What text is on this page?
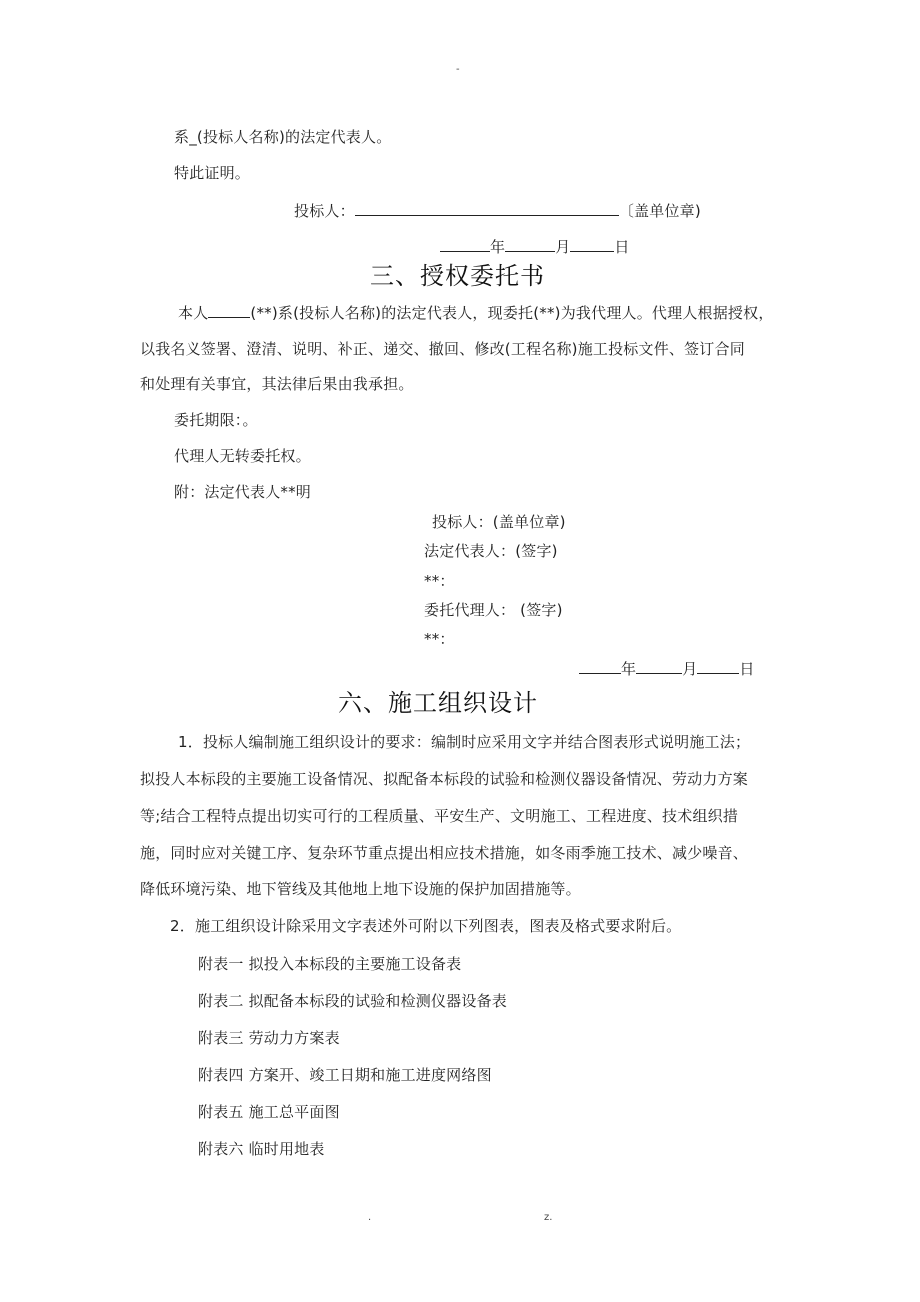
-
系_(投标人名称)的法定代表人。
特此证明。
投标人：	〔盖单位章)
年	月	日
三、授权委托书
本人	(**)系(投标人名称)的法定代表人，现委托(**)为我代理人。代理人根据授权，
以我名义签署、澄清、说明、补正、递交、撤回、修改(工程名称)施工投标文件、签订合同
和处理有关事宜，其法律后果由我承担。
委托期限：。
代理人无转委托权。
附：法定代表人**明
投标人：(盖单位章)
法定代表人：(签字)
**：
委托代理人： (签字)
**：
年	月	日
六、施工组织设计
1．投标人编制施工组织设计的要求：编制时应采用文字并结合图表形式说明施工法；
拟投人本标段的主要施工设备情况、拟配备本标段的试验和检测仪器设备情况、劳动力方案
等;结合工程特点提出切实可行的工程质量、平安生产、文明施工、工程进度、技术组织措
施，同时应对关键工序、复杂环节重点提出相应技术措施，如冬雨季施工技术、减少噪音、
降低环境污染、地下管线及其他地上地下设施的保护加固措施等。
2．施工组织设计除采用文字表述外可附以下列图表，图表及格式要求附后。
附表一 拟投入本标段的主要施工设备表
附表二 拟配备本标段的试验和检测仪器设备表
附表三 劳动力方案表
附表四 方案开、竣工日期和施工进度网络图
附表五 施工总平面图
附表六 临时用地表
.	z.
